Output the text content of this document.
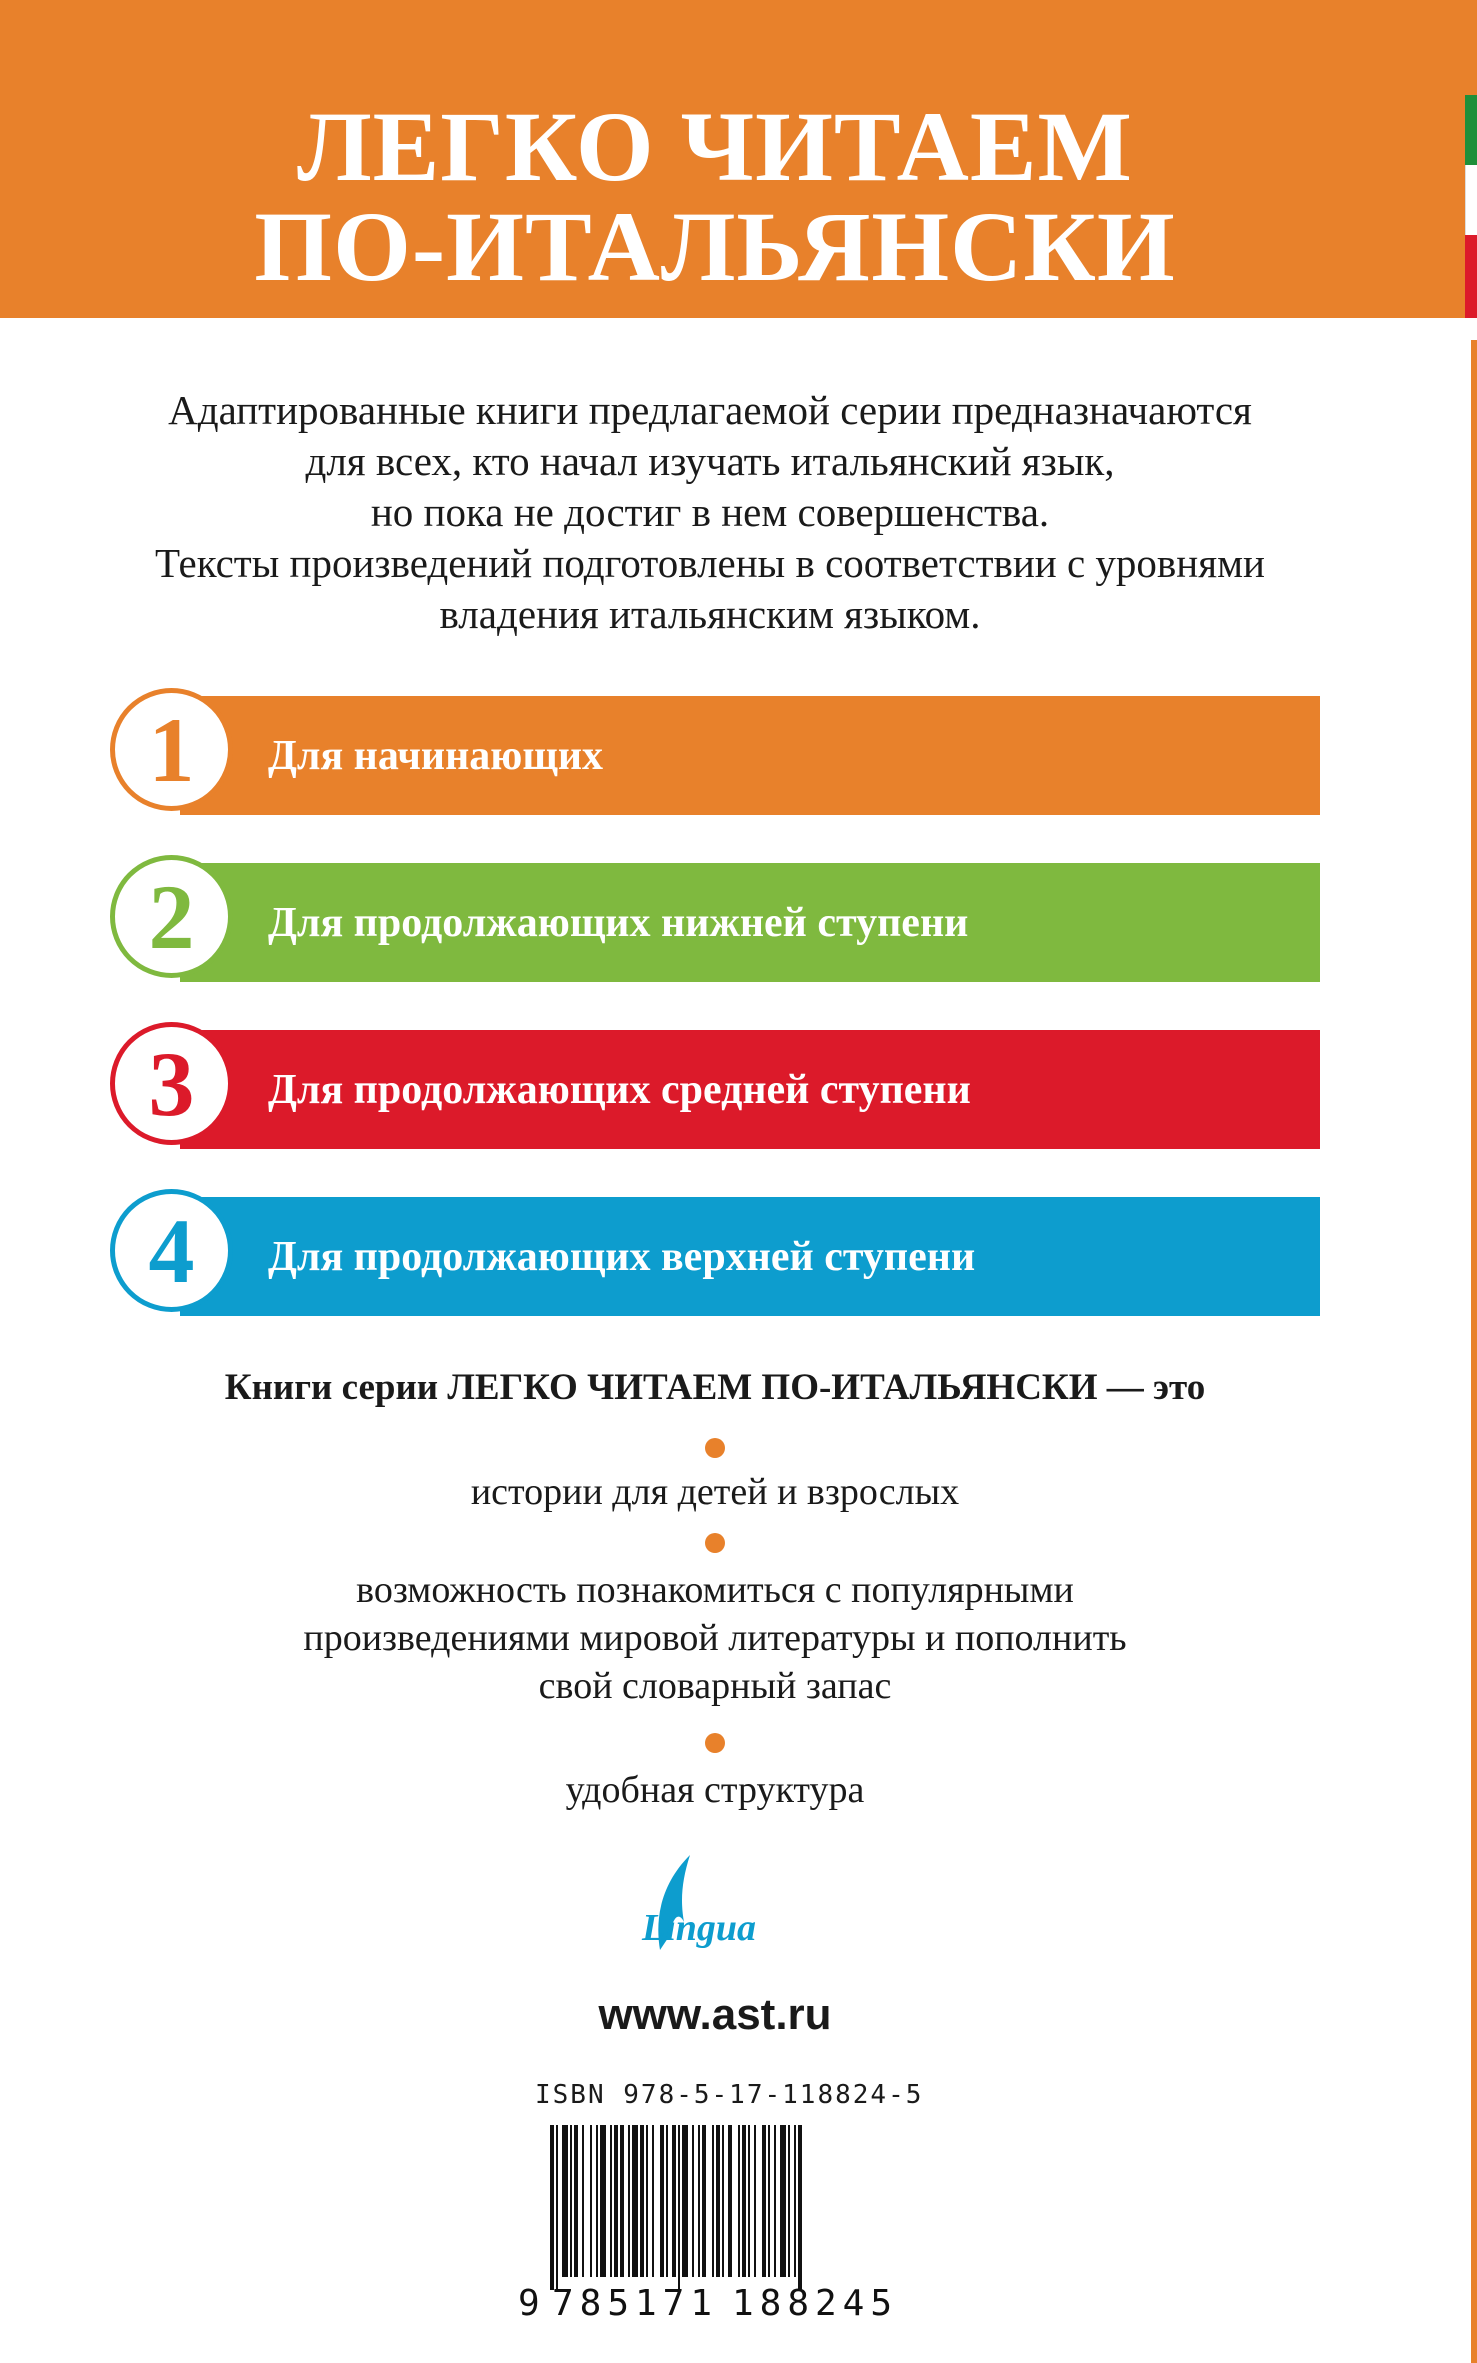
ЛЕГКО ЧИТАЕМ
ПО-ИТАЛЬЯНСКИ
Адаптированные книги предлагаемой серии предназначаются
для всех, кто начал изучать итальянский язык,
но пока не достиг в нем совершенства.
Тексты произведений подготовлены в соответствии с уровнями
владения итальянским языком.
1	Для начинающих
2	Для продолжающих нижней ступени
3	Для продолжающих средней ступени
4	Для продолжающих верхней ступени
Книги серии ЛЕГКО ЧИТАЕМ ПО-ИТАЛЬЯНСКИ — это
истории для детей и взрослых
возможность познакомиться с популярными
произведениями мировой литературы и пополнить
свой словарный запас
удобная структура
Lingua
www.ast.ru
ISBN 978-5-17-118824-5
9 785171 188245
